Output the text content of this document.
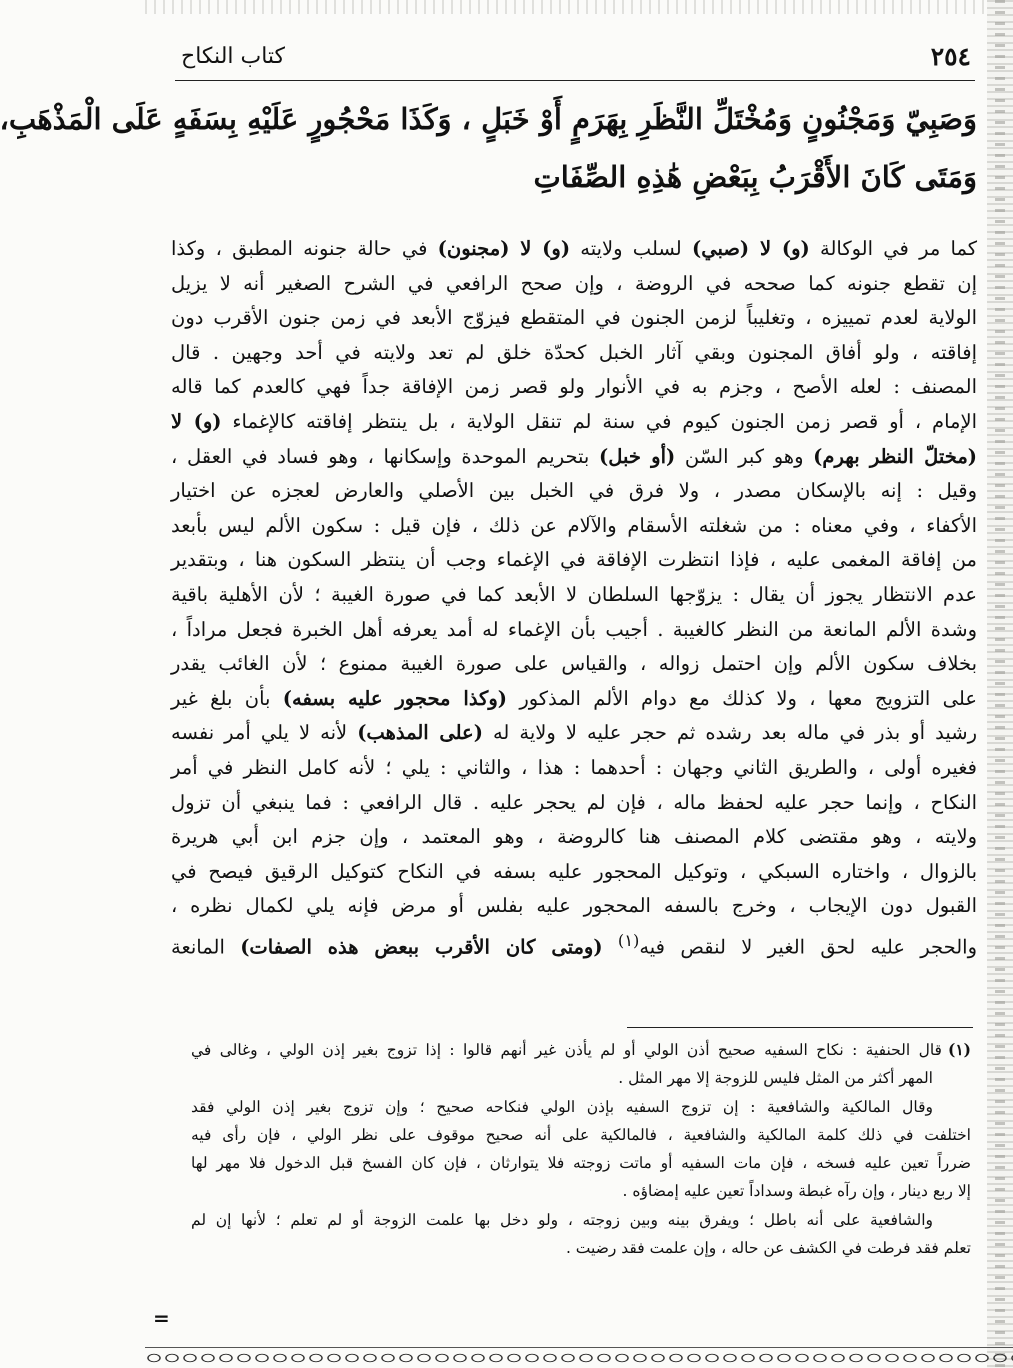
٢٥٤
كتاب النكاح
وَصَبِيّ وَمَجْنُونٍ وَمُخْتَلِّ النَّظَرِ بِهَرَمٍ أَوْ خَبَلٍ ، وَكَذَا مَحْجُورٍ عَلَيْهِ بِسَفَهٍ عَلَى الْمَذْهَبِ،
وَمَتَى كَانَ الأَقْرَبُ بِبَعْضِ هَٰذِهِ الصِّفَاتِ
كما مر في الوكالة (و) لا (صبي) لسلب ولايته (و) لا (مجنون) في حالة جنونه المطبق ، وكذا
إن تقطع جنونه كما صححه في الروضة ، وإن صحح الرافعي في الشرح الصغير أنه لا يزيل
الولاية لعدم تمييزه ، وتغليباً لزمن الجنون في المتقطع فيزوّج الأبعد في زمن جنون الأقرب دون
إفاقته ، ولو أفاق المجنون وبقي آثار الخبل كحدّة خلق لم تعد ولايته في أحد وجهين . قال
المصنف : لعله الأصح ، وجزم به في الأنوار ولو قصر زمن الإفاقة جداً فهي كالعدم كما قاله
الإمام ، أو قصر زمن الجنون كيوم في سنة لم تنقل الولاية ، بل ينتظر إفاقته كالإغماء (و) لا
(مختلّ النظر بهرم) وهو كبر السّن (أو خبل) بتحريم الموحدة وإسكانها ، وهو فساد في العقل ،
وقيل : إنه بالإسكان مصدر ، ولا فرق في الخبل بين الأصلي والعارض لعجزه عن اختيار
الأكفاء ، وفي معناه : من شغلته الأسقام والآلام عن ذلك ، فإن قيل : سكون الألم ليس بأبعد
من إفاقة المغمى عليه ، فإذا انتظرت الإفاقة في الإغماء وجب أن ينتظر السكون هنا ، وبتقدير
عدم الانتظار يجوز أن يقال : يزوّجها السلطان لا الأبعد كما في صورة الغيبة ؛ لأن الأهلية باقية
وشدة الألم المانعة من النظر كالغيبة . أجيب بأن الإغماء له أمد يعرفه أهل الخبرة فجعل مراداً ،
بخلاف سكون الألم وإن احتمل زواله ، والقياس على صورة الغيبة ممنوع ؛ لأن الغائب يقدر
على التزويج معها ، ولا كذلك مع دوام الألم المذكور (وكذا محجور عليه بسفه) بأن بلغ غير
رشيد أو بذر في ماله بعد رشده ثم حجر عليه لا ولاية له (على المذهب) لأنه لا يلي أمر نفسه
فغيره أولى ، والطريق الثاني وجهان : أحدهما : هذا ، والثاني : يلي ؛ لأنه كامل النظر في أمر
النكاح ، وإنما حجر عليه لحفظ ماله ، فإن لم يحجر عليه . قال الرافعي : فما ينبغي أن تزول
ولايته ، وهو مقتضى كلام المصنف هنا كالروضة ، وهو المعتمد ، وإن جزم ابن أبي هريرة
بالزوال ، واختاره السبكي ، وتوكيل المحجور عليه بسفه في النكاح كتوكيل الرقيق فيصح في
القبول دون الإيجاب ، وخرج بالسفه المحجور عليه بفلس أو مرض فإنه يلي لكمال نظره ،
والحجر عليه لحق الغير لا لنقص فيه$^{(١)}$ (ومتى كان الأقرب ببعض هذه الصفات) المانعة
(١)قال الحنفية : نكاح السفيه صحيح أذن الولي أو لم يأذن غير أنهم قالوا : إذا تزوج بغير إذن الولي ، وغالى في
المهر أكثر من المثل فليس للزوجة إلا مهر المثل .
وقال المالكية والشافعية : إن تزوج السفيه بإذن الولي فنكاحه صحيح ؛ وإن تزوج بغير إذن الولي فقد
اختلفت في ذلك كلمة المالكية والشافعية ، فالمالكية على أنه صحيح موقوف على نظر الولي ، فإن رأى فيه
ضرراً تعين عليه فسخه ، فإن مات السفيه أو ماتت زوجته فلا يتوارثان ، فإن كان الفسخ قبل الدخول فلا مهر لها
إلا ربع دينار ، وإن رآه غبطة وسداداً تعين عليه إمضاؤه .
والشافعية على أنه باطل ؛ ويفرق بينه وبين زوجته ، ولو دخل بها علمت الزوجة أو لم تعلم ؛ لأنها إن لم
تعلم فقد فرطت في الكشف عن حاله ، وإن علمت فقد رضيت .
=
